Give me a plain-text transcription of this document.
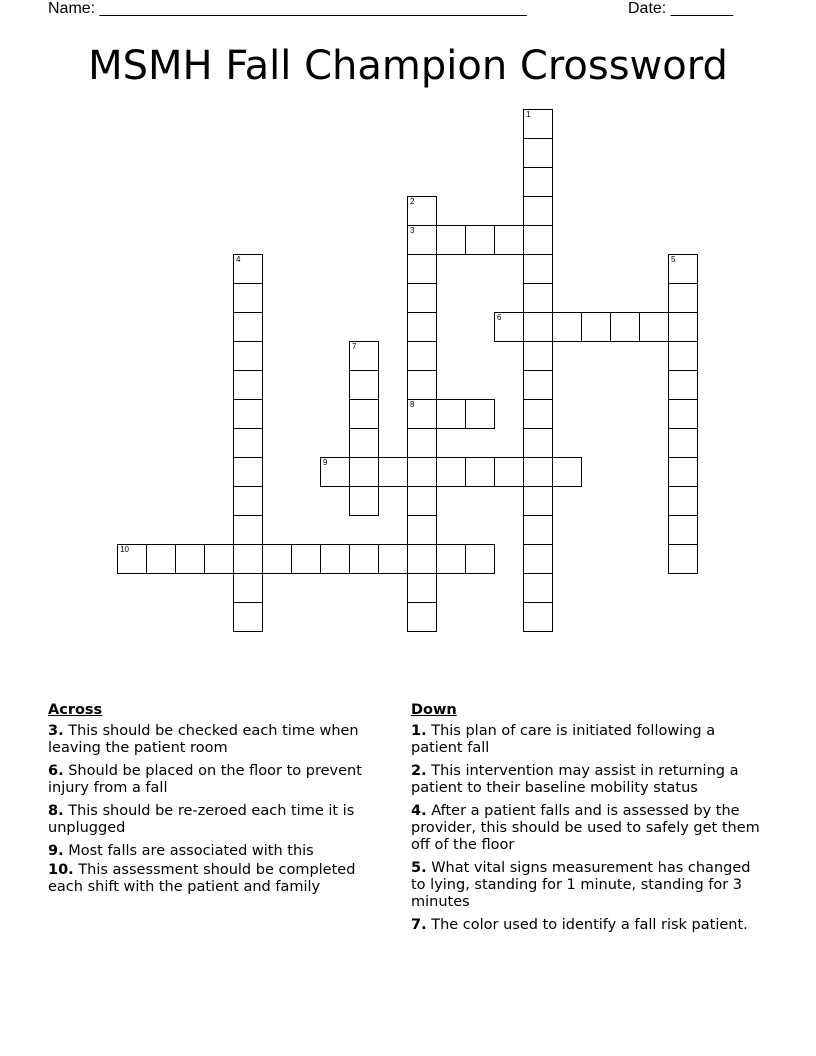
Name: ________________________________________________	Date: _______
MSMH Fall Champion Crossword
1
2
3
8
4	5
6
7
9
10
Across
3. This should be checked each time when leaving the patient room
6. Should be placed on the floor to prevent injury from a fall
8. This should be re-zeroed each time it is unplugged
9. Most falls are associated with this
10. This assessment should be completed each shift with the patient and family
Down
1. This plan of care is initiated following a patient fall
2. This intervention may assist in returning a patient to their baseline mobility status
4. After a patient falls and is assessed by the provider, this should be used to safely get them off of the floor
5. What vital signs measurement has changed to lying, standing for 1 minute, standing for 3 minutes
7. The color used to identify a fall risk patient.
